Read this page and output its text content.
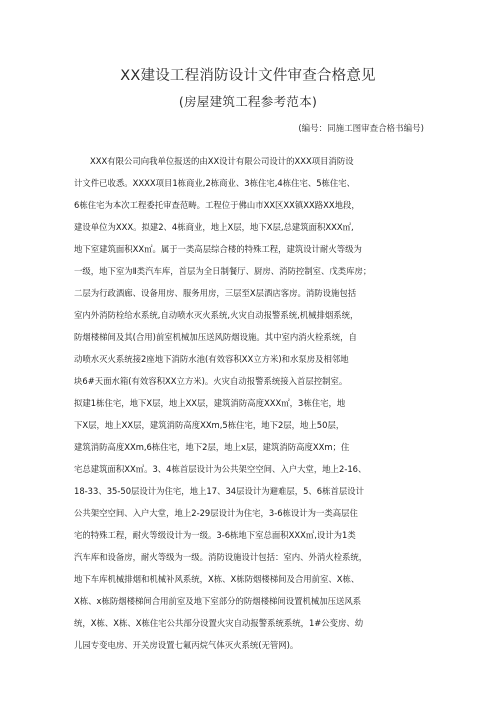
XX建设工程消防设计文件审查合格意见
(房屋建筑工程参考范本)
(编号：同施工图审查合格书编号)
XXX有限公司向我单位报送的由XX设计有限公司设计的XXX项目消防设
计文件已收悉。XXXX项目1栋商业,2栋商业、3栋住宅,4栋住宅、5栋住宅、
6栋住宅为本次工程委托审查范畴。工程位于佛山市XX区XX镇XX路XX地段，
建设单位为XXX。拟建2、4栋商业，地上X层，地下X层,总建筑面积XXX㎡,
地下室建筑面积XX㎡。属于一类高层综合楼的特殊工程，建筑设计耐火等级为
一级，地下室为Ⅱ类汽车库，首层为全日制餐厅、厨房、消防控制室、戊类库房；
二层为行政酒廊、设备用房、服务用房，三层至X层酒店客房。消防设施包括
室内外消防栓给水系统,自动喷水灭火系统,火灾自动报警系统,机械排烟系统，
防烟楼梯间及其(合用)前室机械加压送风防烟设施。其中室内消火栓系统，自
动喷水灭火系统接2座地下消防水池(有效容积XX立方米)和水泵房及相邻地
块6#天面水箱(有效容积XX立方米)。火灾自动报警系统接入首层控制室。
拟建1栋住宅，地下X层，地上XX层，建筑消防高度XXX㎡，3栋住宅，地
下X层，地上XX层，建筑消防高度XXm,5栋住宅，地下2层，地上50层，
建筑消防高度XXm,6栋住宅，地下2层，地上x层，建筑消防高度XXm；住
宅总建筑面积XX㎡。3、4栋首层设计为公共架空空间、入户大堂，地上2-16、
18-33、35-50层设计为住宅，地上17、34层设计为避难层，5、6栋首层设计
公共架空空间、入户大堂，地上2-29层设计为住宅，3-6栋设计为一类高层住
宅的特殊工程，耐火等级设计为一级。3-6栋地下室总面积XXX㎡,设计为1类
汽车库和设备房，耐火等级为一级。消防设施设计包括：室内、外消火栓系统，
地下车库机械排烟和机械补风系统，X栋、X栋防烟楼梯间及合用前室、X栋、
X栋、x栋防烟楼梯间合用前室及地下室部分的防烟楼梯间设置机械加压送风系
统，X栋、X栋、X栋住宅公共部分设置火灾自动报警系统系统，1#公变房、幼
儿园专变电房、开关房设置七氟丙烷气体灭火系统(无管网)。
